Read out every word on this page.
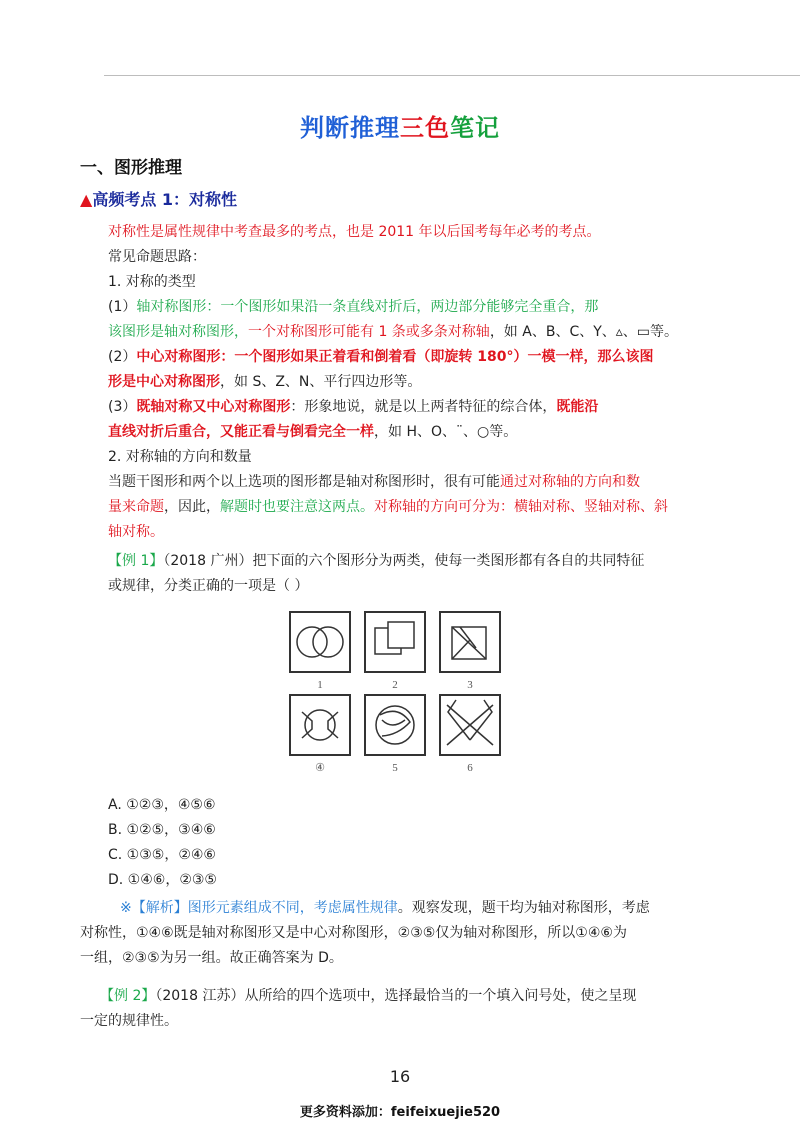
判断推理三色笔记
一、图形推理
▲高频考点 1：对称性
对称性是属性规律中考查最多的考点，也是 2011 年以后国考每年必考的考点。
常见命题思路：
1. 对称的类型
(1）轴对称图形：一个图形如果沿一条直线对折后，两边部分能够完全重合，那
该图形是轴对称图形，一个对称图形可能有 1 条或多条对称轴，如 A、B、C、Y、▵、▭等。
(2）中心对称图形：一个图形如果正着看和倒着看（即旋转 180°）一模一样，那么该图
形是中心对称图形，如 S、Z、N、平行四边形等。
(3）既轴对称又中心对称图形：形象地说，就是以上两者特征的综合体，既能沿
直线对折后重合，又能正看与倒看完全一样，如 H、O、¨、○等。
2. 对称轴的方向和数量
当题干图形和两个以上选项的图形都是轴对称图形时，很有可能通过对称轴的方向和数
量来命题，因此，解题时也要注意这两点。对称轴的方向可分为：横轴对称、竖轴对称、斜
轴对称。
【例 1】（2018 广州）把下面的六个图形分为两类，使每一类图形都有各自的共同特征
或规律，分类正确的一项是（ ）
1	2	3
④	5	6
A. ①②③，④⑤⑥
B. ①②⑤，③④⑥
C. ①③⑤，②④⑥
D. ①④⑥，②③⑤
※【解析】图形元素组成不同，考虑属性规律。观察发现，题干均为轴对称图形，考虑
对称性，①④⑥既是轴对称图形又是中心对称图形，②③⑤仅为轴对称图形，所以①④⑥为
一组，②③⑤为另一组。故正确答案为 D。
【例 2】（2018 江苏）从所给的四个选项中，选择最恰当的一个填入问号处，使之呈现
一定的规律性。
16
更多资料添加：feifeixuejie520
